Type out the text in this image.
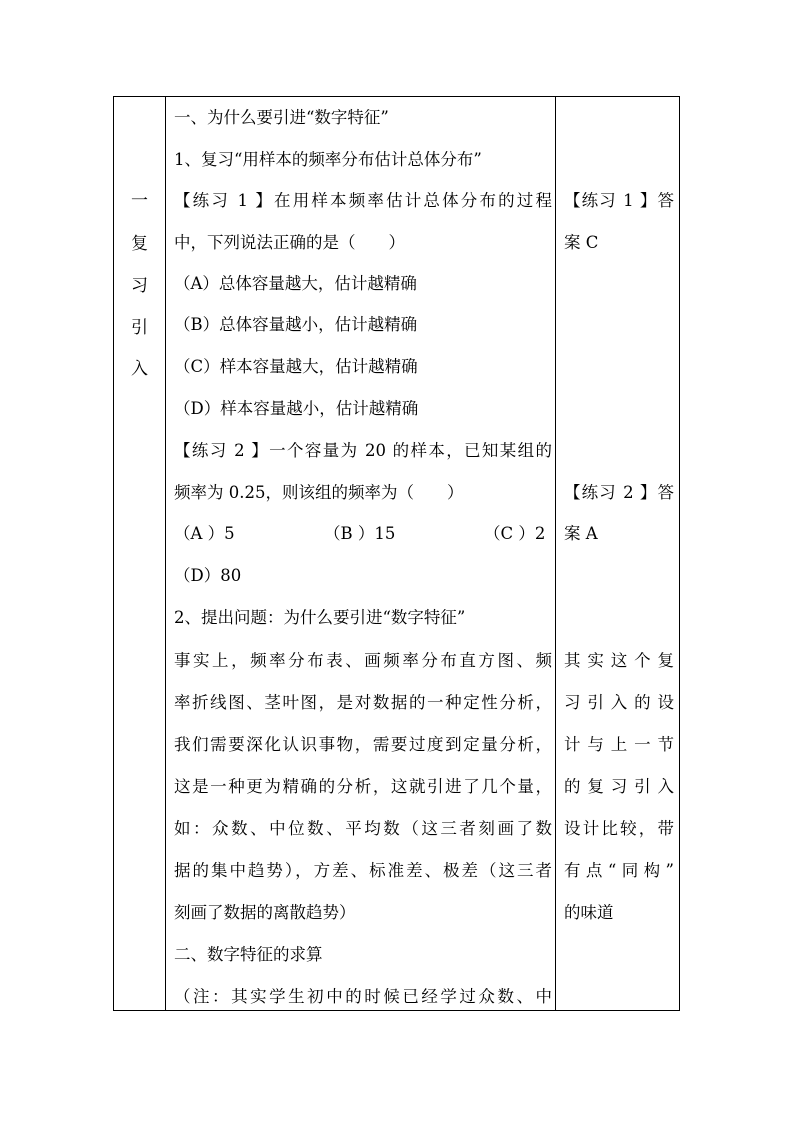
一
复
习
引
入
一、为什么要引进“数字特征”
1、复习“用样本的频率分布估计总体分布”
【练习 1 】在用样本频率估计总体分布的过程
中，下列说法正确的是（　　）
（A）总体容量越大，估计越精确
（B）总体容量越小，估计越精确
（C）样本容量越大，估计越精确
（D）样本容量越小，估计越精确
【练习 2 】一个容量为 20 的样本，已知某组的
频率为 0.25，则该组的频率为（　　）
（A ）5	（B ）15	（C ）2
（D）80
2、提出问题：为什么要引进“数字特征”
事实上，频率分布表、画频率分布直方图、频
率折线图、茎叶图，是对数据的一种定性分析，
我们需要深化认识事物，需要过度到定量分析，
这是一种更为精确的分析，这就引进了几个量，
如：众数、中位数、平均数（这三者刻画了数
据的集中趋势），方差、标准差、极差（这三者
刻画了数据的离散趋势）
二、数字特征的求算
（注：其实学生初中的时候已经学过众数、中
【练习 1 】答
案 C
【练习 2 】答
案 A
其实这个复
习引入的设
计与上一节
的复习引入
设计比较，带
有点“同构”
的味道
